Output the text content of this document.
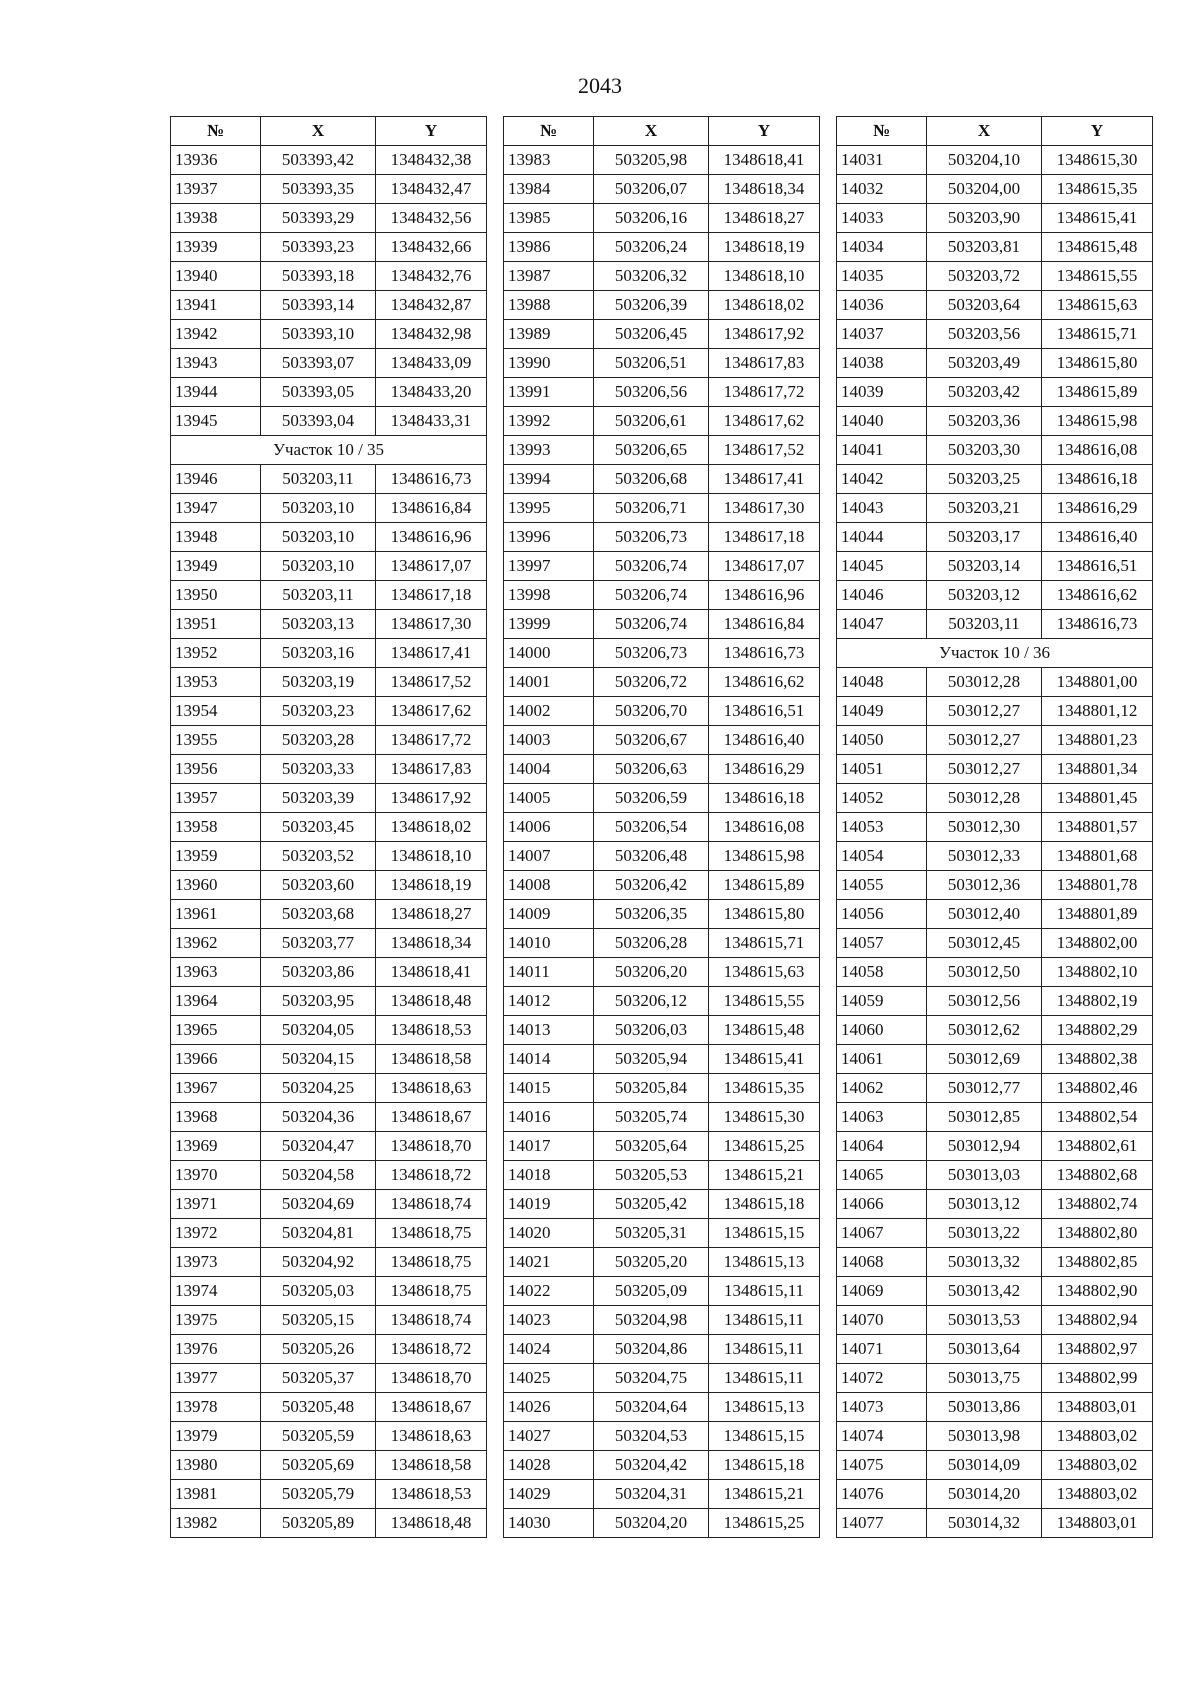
2043
№	X	Y
13936	503393,42	1348432,38
13937	503393,35	1348432,47
13938	503393,29	1348432,56
13939	503393,23	1348432,66
13940	503393,18	1348432,76
13941	503393,14	1348432,87
13942	503393,10	1348432,98
13943	503393,07	1348433,09
13944	503393,05	1348433,20
13945	503393,04	1348433,31
Участок 10 / 35		
13946	503203,11	1348616,73
13947	503203,10	1348616,84
13948	503203,10	1348616,96
13949	503203,10	1348617,07
13950	503203,11	1348617,18
13951	503203,13	1348617,30
13952	503203,16	1348617,41
13953	503203,19	1348617,52
13954	503203,23	1348617,62
13955	503203,28	1348617,72
13956	503203,33	1348617,83
13957	503203,39	1348617,92
13958	503203,45	1348618,02
13959	503203,52	1348618,10
13960	503203,60	1348618,19
13961	503203,68	1348618,27
13962	503203,77	1348618,34
13963	503203,86	1348618,41
13964	503203,95	1348618,48
13965	503204,05	1348618,53
13966	503204,15	1348618,58
13967	503204,25	1348618,63
13968	503204,36	1348618,67
13969	503204,47	1348618,70
13970	503204,58	1348618,72
13971	503204,69	1348618,74
13972	503204,81	1348618,75
13973	503204,92	1348618,75
13974	503205,03	1348618,75
13975	503205,15	1348618,74
13976	503205,26	1348618,72
13977	503205,37	1348618,70
13978	503205,48	1348618,67
13979	503205,59	1348618,63
13980	503205,69	1348618,58
13981	503205,79	1348618,53
13982	503205,89	1348618,48
№	X	Y
13983	503205,98	1348618,41
13984	503206,07	1348618,34
13985	503206,16	1348618,27
13986	503206,24	1348618,19
13987	503206,32	1348618,10
13988	503206,39	1348618,02
13989	503206,45	1348617,92
13990	503206,51	1348617,83
13991	503206,56	1348617,72
13992	503206,61	1348617,62
13993	503206,65	1348617,52
13994	503206,68	1348617,41
13995	503206,71	1348617,30
13996	503206,73	1348617,18
13997	503206,74	1348617,07
13998	503206,74	1348616,96
13999	503206,74	1348616,84
14000	503206,73	1348616,73
14001	503206,72	1348616,62
14002	503206,70	1348616,51
14003	503206,67	1348616,40
14004	503206,63	1348616,29
14005	503206,59	1348616,18
14006	503206,54	1348616,08
14007	503206,48	1348615,98
14008	503206,42	1348615,89
14009	503206,35	1348615,80
14010	503206,28	1348615,71
14011	503206,20	1348615,63
14012	503206,12	1348615,55
14013	503206,03	1348615,48
14014	503205,94	1348615,41
14015	503205,84	1348615,35
14016	503205,74	1348615,30
14017	503205,64	1348615,25
14018	503205,53	1348615,21
14019	503205,42	1348615,18
14020	503205,31	1348615,15
14021	503205,20	1348615,13
14022	503205,09	1348615,11
14023	503204,98	1348615,11
14024	503204,86	1348615,11
14025	503204,75	1348615,11
14026	503204,64	1348615,13
14027	503204,53	1348615,15
14028	503204,42	1348615,18
14029	503204,31	1348615,21
14030	503204,20	1348615,25
№	X	Y
14031	503204,10	1348615,30
14032	503204,00	1348615,35
14033	503203,90	1348615,41
14034	503203,81	1348615,48
14035	503203,72	1348615,55
14036	503203,64	1348615,63
14037	503203,56	1348615,71
14038	503203,49	1348615,80
14039	503203,42	1348615,89
14040	503203,36	1348615,98
14041	503203,30	1348616,08
14042	503203,25	1348616,18
14043	503203,21	1348616,29
14044	503203,17	1348616,40
14045	503203,14	1348616,51
14046	503203,12	1348616,62
14047	503203,11	1348616,73
Участок 10 / 36		
14048	503012,28	1348801,00
14049	503012,27	1348801,12
14050	503012,27	1348801,23
14051	503012,27	1348801,34
14052	503012,28	1348801,45
14053	503012,30	1348801,57
14054	503012,33	1348801,68
14055	503012,36	1348801,78
14056	503012,40	1348801,89
14057	503012,45	1348802,00
14058	503012,50	1348802,10
14059	503012,56	1348802,19
14060	503012,62	1348802,29
14061	503012,69	1348802,38
14062	503012,77	1348802,46
14063	503012,85	1348802,54
14064	503012,94	1348802,61
14065	503013,03	1348802,68
14066	503013,12	1348802,74
14067	503013,22	1348802,80
14068	503013,32	1348802,85
14069	503013,42	1348802,90
14070	503013,53	1348802,94
14071	503013,64	1348802,97
14072	503013,75	1348802,99
14073	503013,86	1348803,01
14074	503013,98	1348803,02
14075	503014,09	1348803,02
14076	503014,20	1348803,02
14077	503014,32	1348803,01
